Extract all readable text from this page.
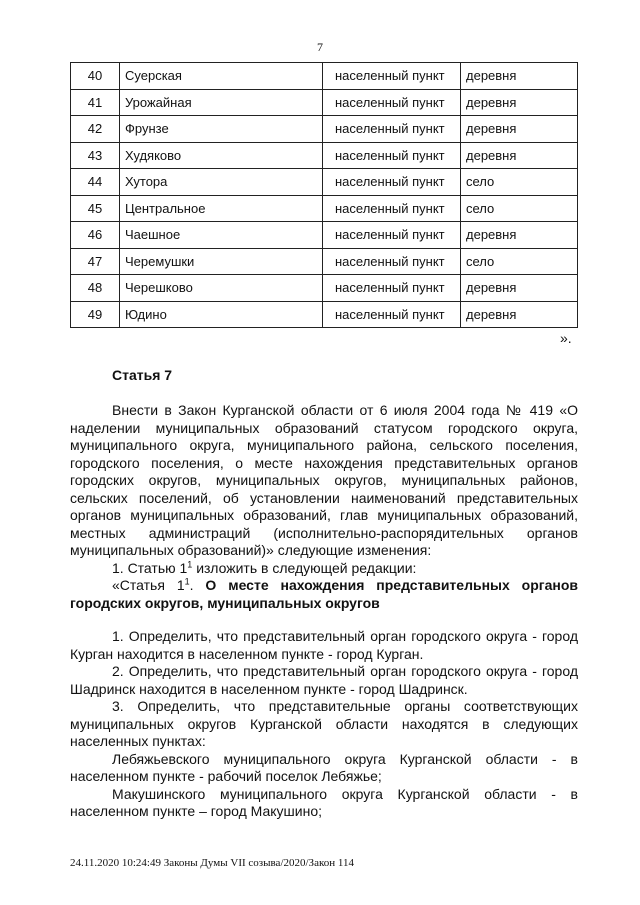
7
40	Суерская	населенный пункт	деревня
41	Урожайная	населенный пункт	деревня
42	Фрунзе	населенный пункт	деревня
43	Худяково	населенный пункт	деревня
44	Хутора	населенный пункт	село
45	Центральное	населенный пункт	село
46	Чаешное	населенный пункт	деревня
47	Черемушки	населенный пункт	село
48	Черешково	населенный пункт	деревня
49	Юдино	населенный пункт	деревня
».
Статья 7

Внести в Закон Курганской области от 6 июля 2004 года № 419 «О наделении муниципальных образований статусом городского округа, муниципального округа, муниципального района, сельского поселения, городского поселения, о месте нахождения представительных органов городских округов, муниципальных округов, муниципальных районов, сельских поселений, об установлении наименований представительных органов муниципальных образований, глав муниципальных образований, местных администраций (исполнительно-распорядительных органов муниципальных образований)» следующие изменения:

1. Статью $1^1$ изложить в следующей редакции:

«Статья $1^1$. О месте нахождения представительных органов городских округов, муниципальных округов

1. Определить, что представительный орган городского округа - город Курган находится в населенном пункте - город Курган.

2. Определить, что представительный орган городского округа - город Шадринск находится в населенном пункте - город Шадринск.

3. Определить, что представительные органы соответствующих муниципальных округов Курганской области находятся в следующих населенных пунктах:

Лебяжьевского муниципального округа Курганской области - в населенном пункте - рабочий поселок Лебяжье;

Макушинского муниципального округа Курганской области - в населенном пункте – город Макушино;

24.11.2020 10:24:49 Законы Думы VII созыва/2020/Закон 114
